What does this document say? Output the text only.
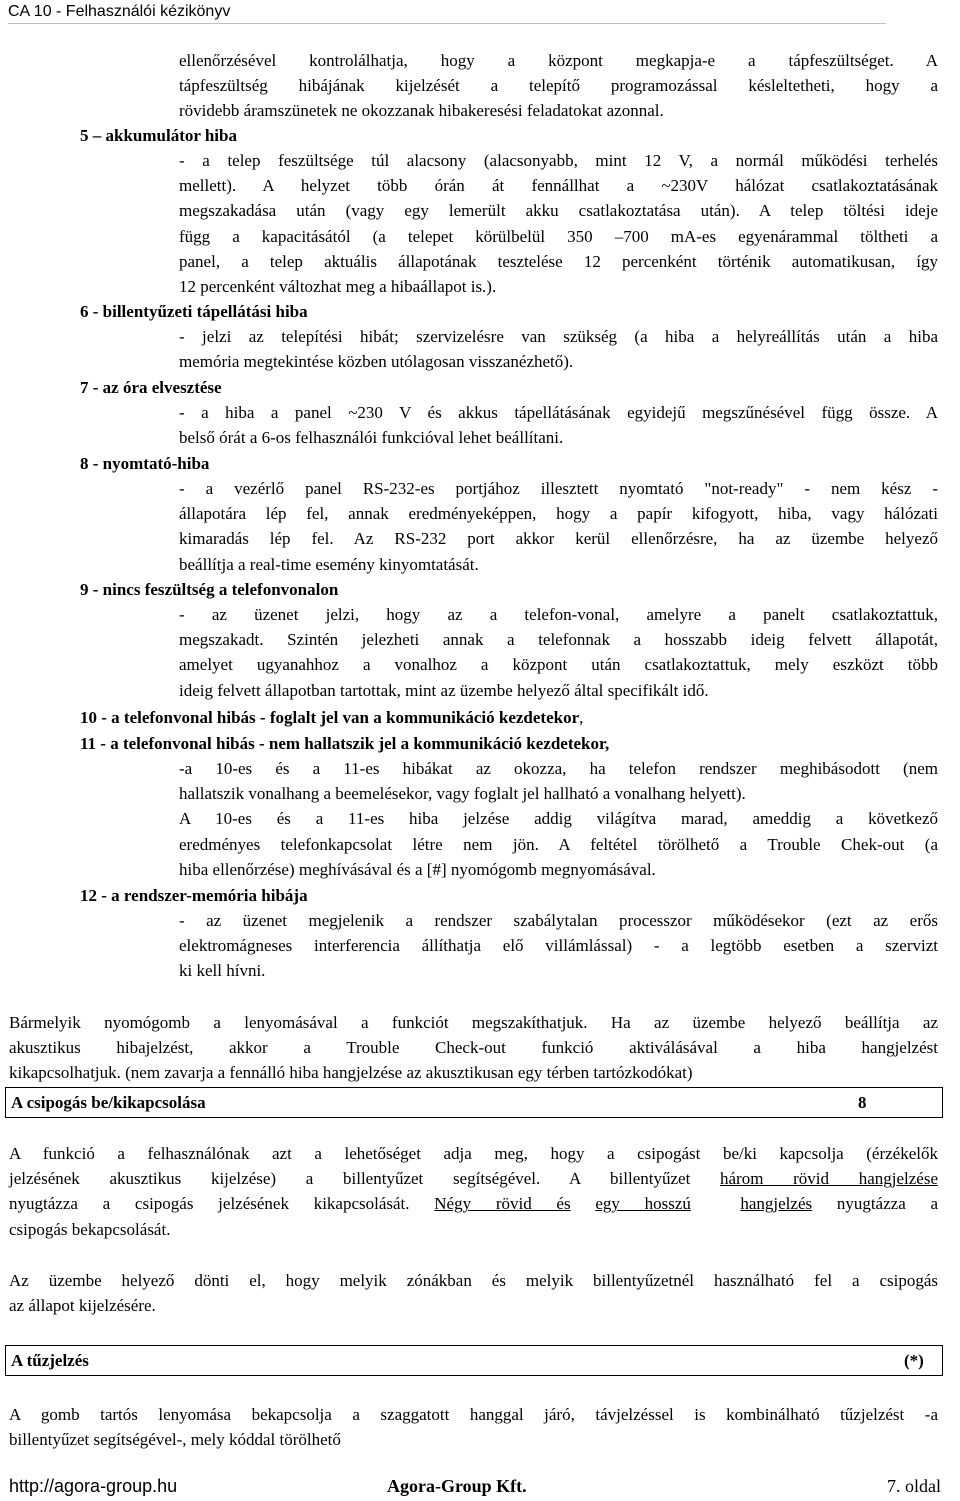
CA 10 - Felhasználói kézikönyv
ellenőrzésével kontrolálhatja, hogy a központ megkapja-e a tápfeszültséget. A
tápfeszültség hibájának kijelzését a telepítő programozással késleltetheti, hogy a
rövidebb áramszünetek ne okozzanak hibakeresési feladatokat azonnal.
5 – akkumulátor hiba
- a telep feszültsége túl alacsony (alacsonyabb, mint 12 V, a normál működési terhelés
mellett). A helyzet több órán át fennállhat a ~230V hálózat csatlakoztatásának
megszakadása után (vagy egy lemerült akku csatlakoztatása után). A telep töltési ideje
függ a kapacitásától (a telepet körülbelül 350 –700 mA-es egyenárammal töltheti a
panel, a telep aktuális állapotának tesztelése 12 percenként történik automatikusan, így
12 percenként változhat meg a hibaállapot is.).
6 - billentyűzeti tápellátási hiba
- jelzi az telepítési hibát; szervizelésre van szükség (a hiba a helyreállítás után a hiba
memória megtekintése közben utólagosan visszanézhető).
7 - az óra elvesztése
- a hiba a panel ~230 V és akkus tápellátásának egyidejű megszűnésével függ össze. A
belső órát a 6-os felhasználói funkcióval lehet beállítani.
8 - nyomtató-hiba
- a vezérlő panel RS-232-es portjához illesztett nyomtató "not-ready" - nem kész -
állapotára lép fel, annak eredményeképpen, hogy a papír kifogyott, hiba, vagy hálózati
kimaradás lép fel. Az RS-232 port akkor kerül ellenőrzésre, ha az üzembe helyező
beállítja a real-time esemény kinyomtatását.
9 - nincs feszültség a telefonvonalon
- az üzenet jelzi, hogy az a telefon-vonal, amelyre a panelt csatlakoztattuk,
megszakadt. Szintén jelezheti annak a telefonnak a hosszabb ideig felvett állapotát,
amelyet ugyanahhoz a vonalhoz a központ után csatlakoztattuk, mely eszközt több
ideig felvett állapotban tartottak, mint az üzembe helyező által specifikált idő.
10 - a telefonvonal hibás - foglalt jel van a kommunikáció kezdetekor,
11 - a telefonvonal hibás - nem hallatszik jel a kommunikáció kezdetekor,
-a 10-es és a 11-es hibákat az okozza, ha telefon rendszer meghibásodott (nem
hallatszik vonalhang a beemelésekor, vagy foglalt jel hallható a vonalhang helyett).
A 10-es és a 11-es hiba jelzése addig világítva marad, ameddig a következő
eredményes telefonkapcsolat létre nem jön. A feltétel törölhető a Trouble Chek-out (a
hiba ellenőrzése) meghívásával és a [#] nyomógomb megnyomásával.
12 - a rendszer-memória hibája
- az üzenet megjelenik a rendszer szabálytalan processzor működésekor (ezt az erős
elektromágneses interferencia állíthatja elő villámlással) - a legtöbb esetben a szervizt
ki kell hívni.
Bármelyik nyomógomb a lenyomásával a funkciót megszakíthatjuk. Ha az üzembe helyező beállítja az
akusztikus hibajelzést, akkor a Trouble Check-out funkció aktiválásával a hiba hangjelzést
kikapcsolhatjuk. (nem zavarja a fennálló hiba hangjelzése az akusztikusan egy térben tartózkodókat)
A csipogás be/kikapcsolása	8
A funkció a felhasználónak azt a lehetőséget adja meg, hogy a csipogást be/ki kapcsolja (érzékelők
jelzésének akusztikus kijelzése) a billentyűzet segítségével. A billentyűzet három rövid hangjelzése
nyugtázza a csipogás jelzésének kikapcsolását. Négy rövid és egy hosszú	hangjelzés nyugtázza a
csipogás bekapcsolását.
Az üzembe helyező dönti el, hogy melyik zónákban és melyik billentyűzetnél használható fel a csipogás
az állapot kijelzésére.
A tűzjelzés	(*)
A gomb tartós lenyomása bekapcsolja a szaggatott hanggal járó, távjelzéssel is kombinálható tűzjelzést -a
billentyűzet segítségével-, mely kóddal törölhető
http://agora-group.hu	Agora-Group Kft.	7. oldal
